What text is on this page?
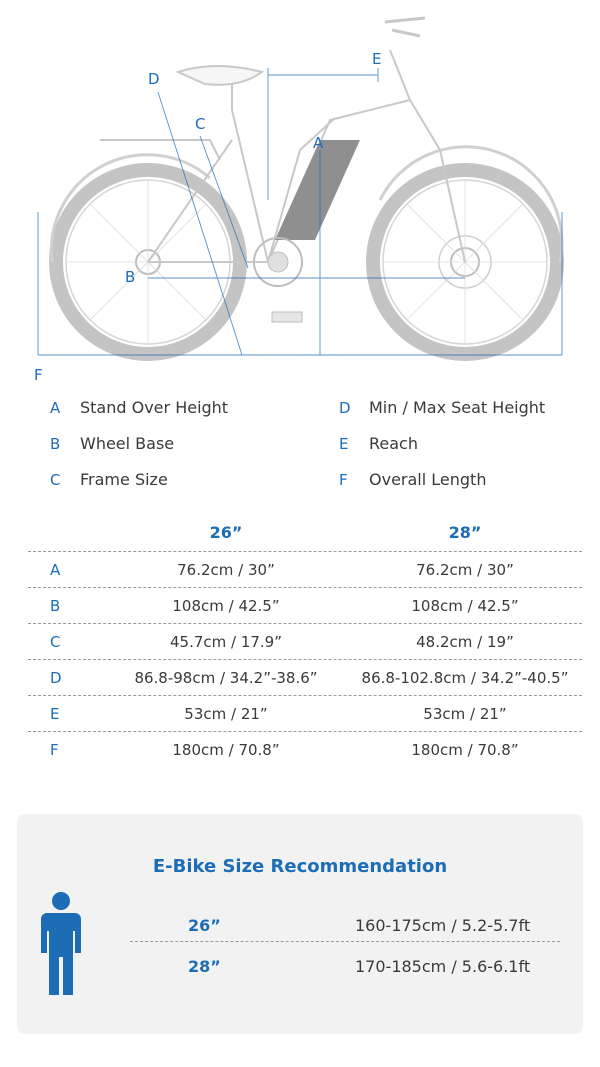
D
C
A
E
B
F
A	Stand Over Height
B	Wheel Base
C	Frame Size
D	Min / Max Seat Height
E	Reach
F	Overall Length
26”	28”
A	76.2cm / 30”	76.2cm / 30”
B	108cm / 42.5”	108cm / 42.5”
C	45.7cm / 17.9”	48.2cm / 19”
D	86.8-98cm / 34.2”-38.6”	86.8-102.8cm / 34.2”-40.5”
E	53cm / 21”	53cm / 21”
F	180cm / 70.8”	180cm / 70.8”
E-Bike Size Recommendation
26”	160-175cm / 5.2-5.7ft
28”	170-185cm / 5.6-6.1ft
